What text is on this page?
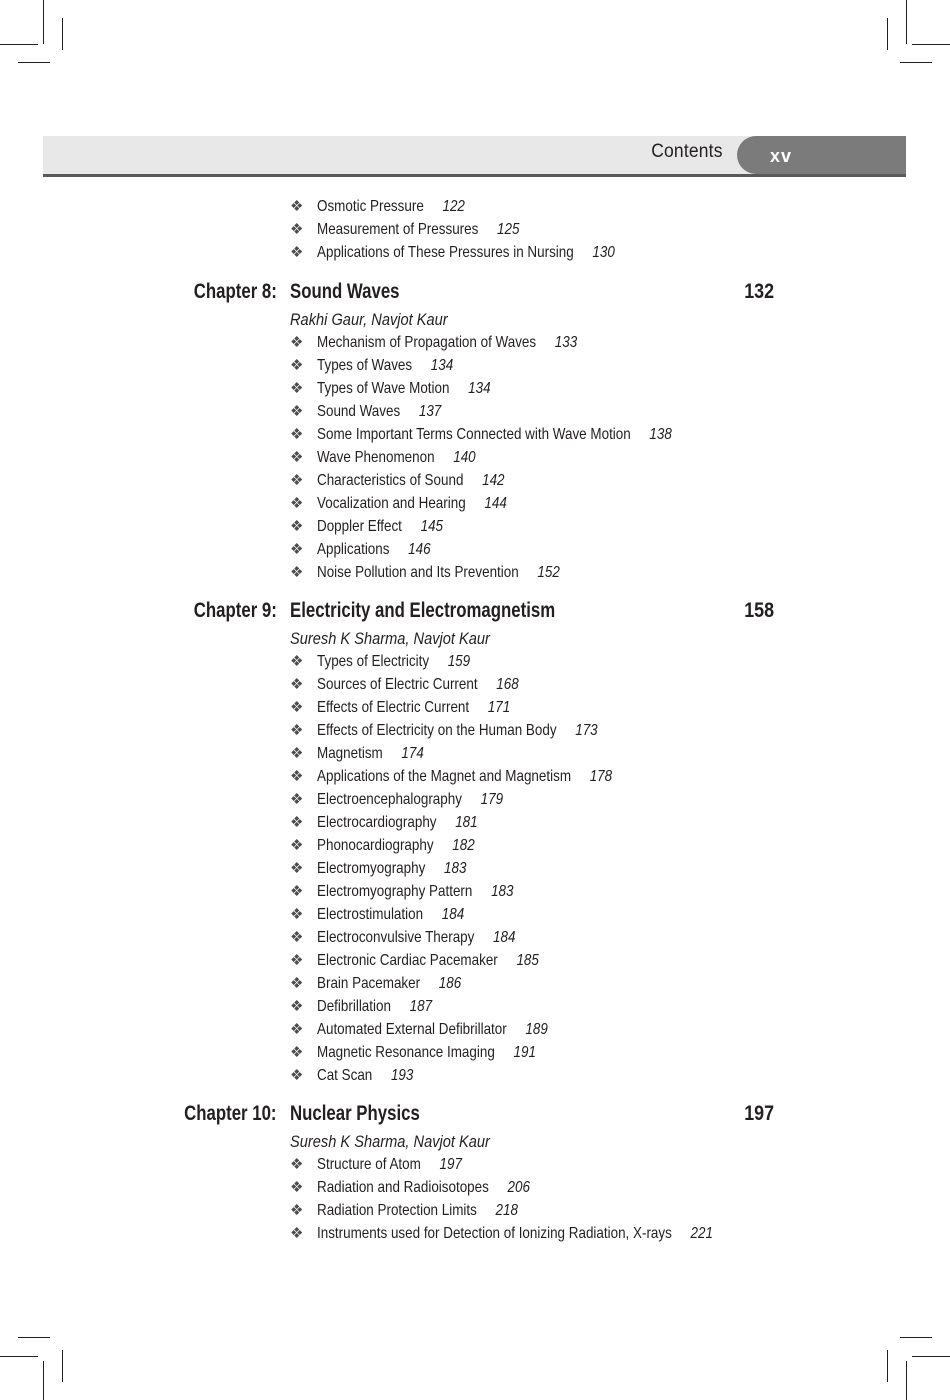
Contents	xv
❖ Osmotic Pressure 122
❖ Measurement of Pressures 125
❖ Applications of These Pressures in Nursing 130
Chapter 8: Sound Waves	132
Rakhi Gaur, Navjot Kaur
❖ Mechanism of Propagation of Waves 133
❖ Types of Waves 134
❖ Types of Wave Motion 134
❖ Sound Waves 137
❖ Some Important Terms Connected with Wave Motion 138
❖ Wave Phenomenon 140
❖ Characteristics of Sound 142
❖ Vocalization and Hearing 144
❖ Doppler Effect 145
❖ Applications 146
❖ Noise Pollution and Its Prevention 152
Chapter 9: Electricity and Electromagnetism	158
Suresh K Sharma, Navjot Kaur
❖ Types of Electricity 159
❖ Sources of Electric Current 168
❖ Effects of Electric Current 171
❖ Effects of Electricity on the Human Body 173
❖ Magnetism 174
❖ Applications of the Magnet and Magnetism 178
❖ Electroencephalography 179
❖ Electrocardiography 181
❖ Phonocardiography 182
❖ Electromyography 183
❖ Electromyography Pattern 183
❖ Electrostimulation 184
❖ Electroconvulsive Therapy 184
❖ Electronic Cardiac Pacemaker 185
❖ Brain Pacemaker 186
❖ Defibrillation 187
❖ Automated External Defibrillator 189
❖ Magnetic Resonance Imaging 191
❖ Cat Scan 193
Chapter 10: Nuclear Physics	197
Suresh K Sharma, Navjot Kaur
❖ Structure of Atom 197
❖ Radiation and Radioisotopes 206
❖ Radiation Protection Limits 218
❖ Instruments used for Detection of Ionizing Radiation, X-rays 221
